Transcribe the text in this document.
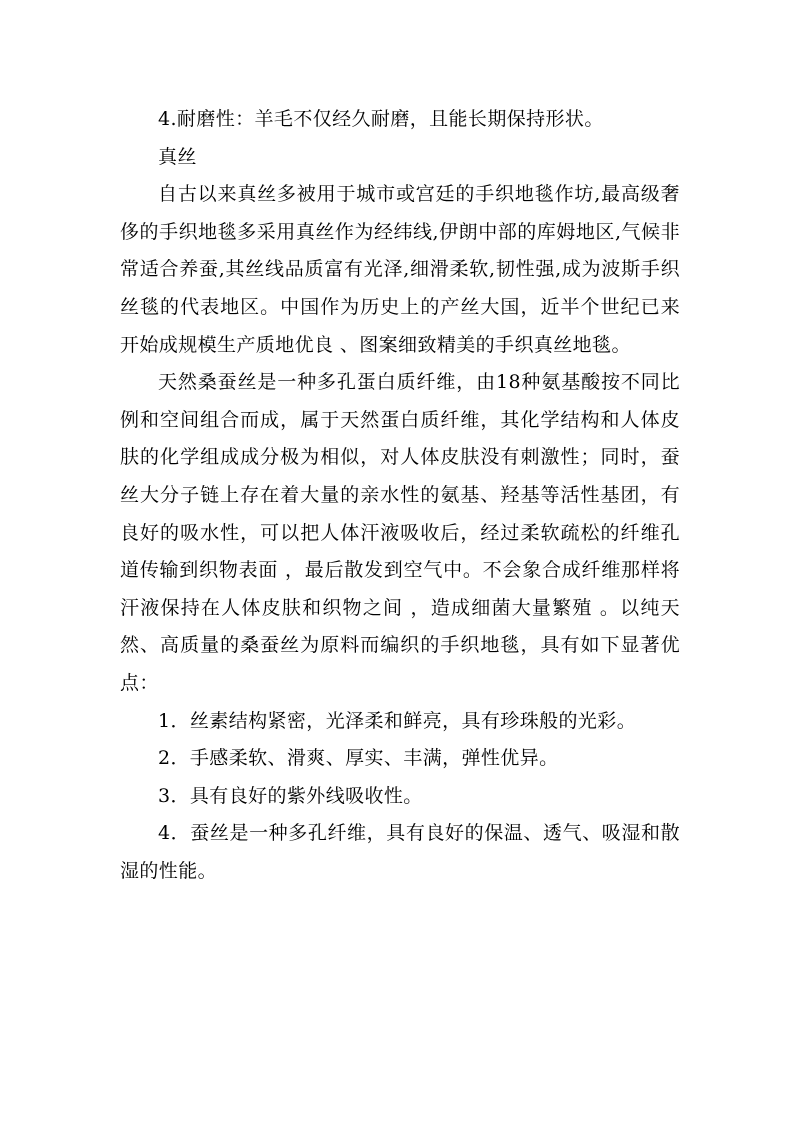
4.耐磨性：羊毛不仅经久耐磨，且能长期保持形状。

真丝

自古以来真丝多被用于城市或宫廷的手织地毯作坊,最高级奢侈的手织地毯多采用真丝作为经纬线,伊朗中部的库姆地区,气候非常适合养蚕,其丝线品质富有光泽,细滑柔软,韧性强,成为波斯手织丝毯的代表地区。中国作为历史上的产丝大国，近半个世纪已来开始成规模生产质地优良 、图案细致精美的手织真丝地毯。

天然桑蚕丝是一种多孔蛋白质纤维，由18种氨基酸按不同比例和空间组合而成，属于天然蛋白质纤维，其化学结构和人体皮肤的化学组成成分极为相似，对人体皮肤没有刺激性；同时，蚕丝大分子链上存在着大量的亲水性的氨基、羟基等活性基团，有良好的吸水性，可以把人体汗液吸收后，经过柔软疏松的纤维孔道传输到织物表面 ，最后散发到空气中。不会象合成纤维那样将汗液保持在人体皮肤和织物之间 ，造成细菌大量繁殖 。以纯天然、高质量的桑蚕丝为原料而编织的手织地毯，具有如下显著优点：

1．丝素结构紧密，光泽柔和鲜亮，具有珍珠般的光彩。

2．手感柔软、滑爽、厚实、丰满，弹性优异。

3．具有良好的紫外线吸收性。

4．蚕丝是一种多孔纤维，具有良好的保温、透气、吸湿和散湿的性能。
